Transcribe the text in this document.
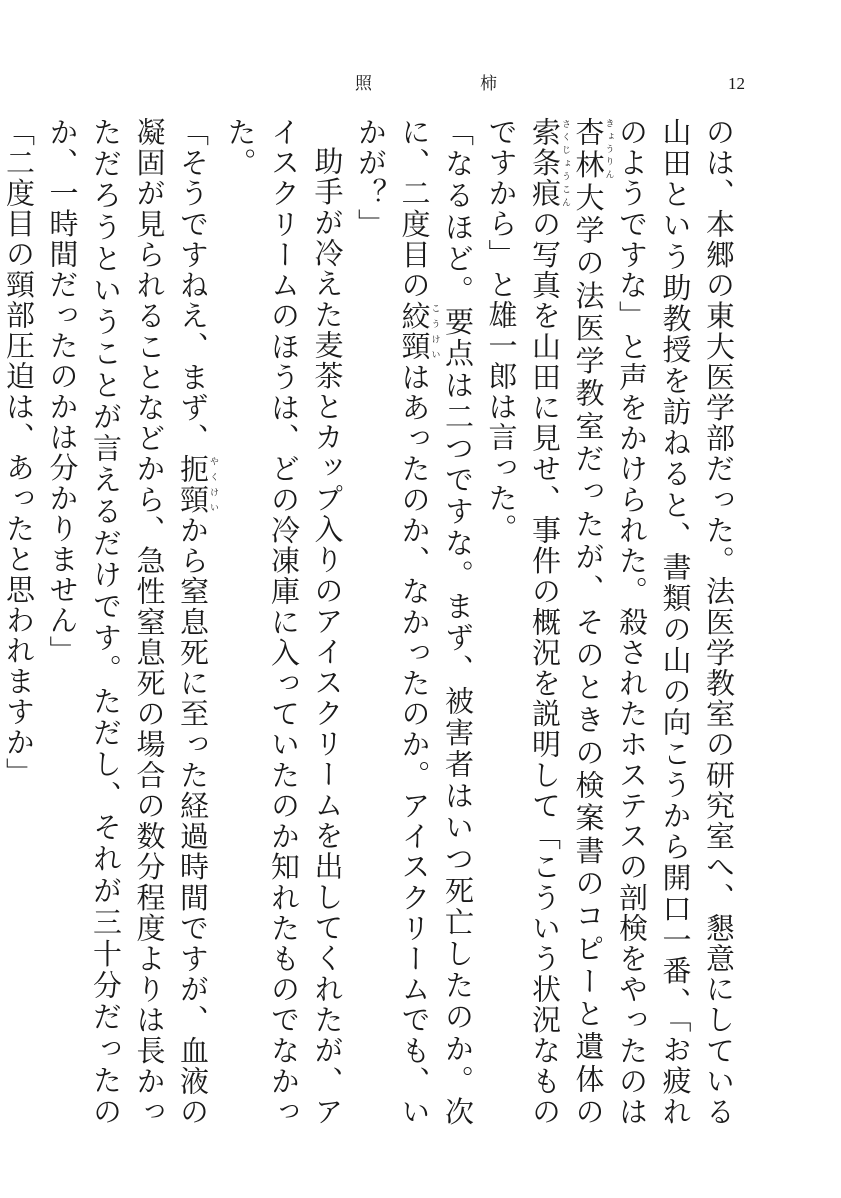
照	柿	12

のは、本郷の東大医学部だった。法医学教室の研究室へ、懇意にしている山田という助教授を訪ねると、書類の山の向こうから開口一番、「お疲れのようですな」と声をかけられた。殺されたホステスの剖検をやったのは杏林きょうりん大学の法医学教室だったが、そのときの検案書のコピーと遺体の索条痕さくじょうこんの写真を山田に見せ、事件の概況を説明して「こういう状況なものですから」と雄一郎は言った。

「なるほど。要点は二つですな。まず、被害者はいつ死亡したのか。次に、二度目の絞こう頸けいはあったのか、なかったのか。アイスクリームでも、いかが？」

助手が冷えた麦茶とカップ入りのアイスクリームを出してくれたが、アイスクリームのほうは、どの冷凍庫に入っていたのか知れたものでなかった。

「そうですねえ、まず、扼頸やくけいから窒息死に至った経過時間ですが、血液の凝固が見られることなどから、急性窒息死の場合の数分程度よりは長かっただろうということが言えるだけです。ただし、それが三十分だったのか、一時間だったのかは分かりません」

「二度目の頸部圧迫は、あったと思われますか」
